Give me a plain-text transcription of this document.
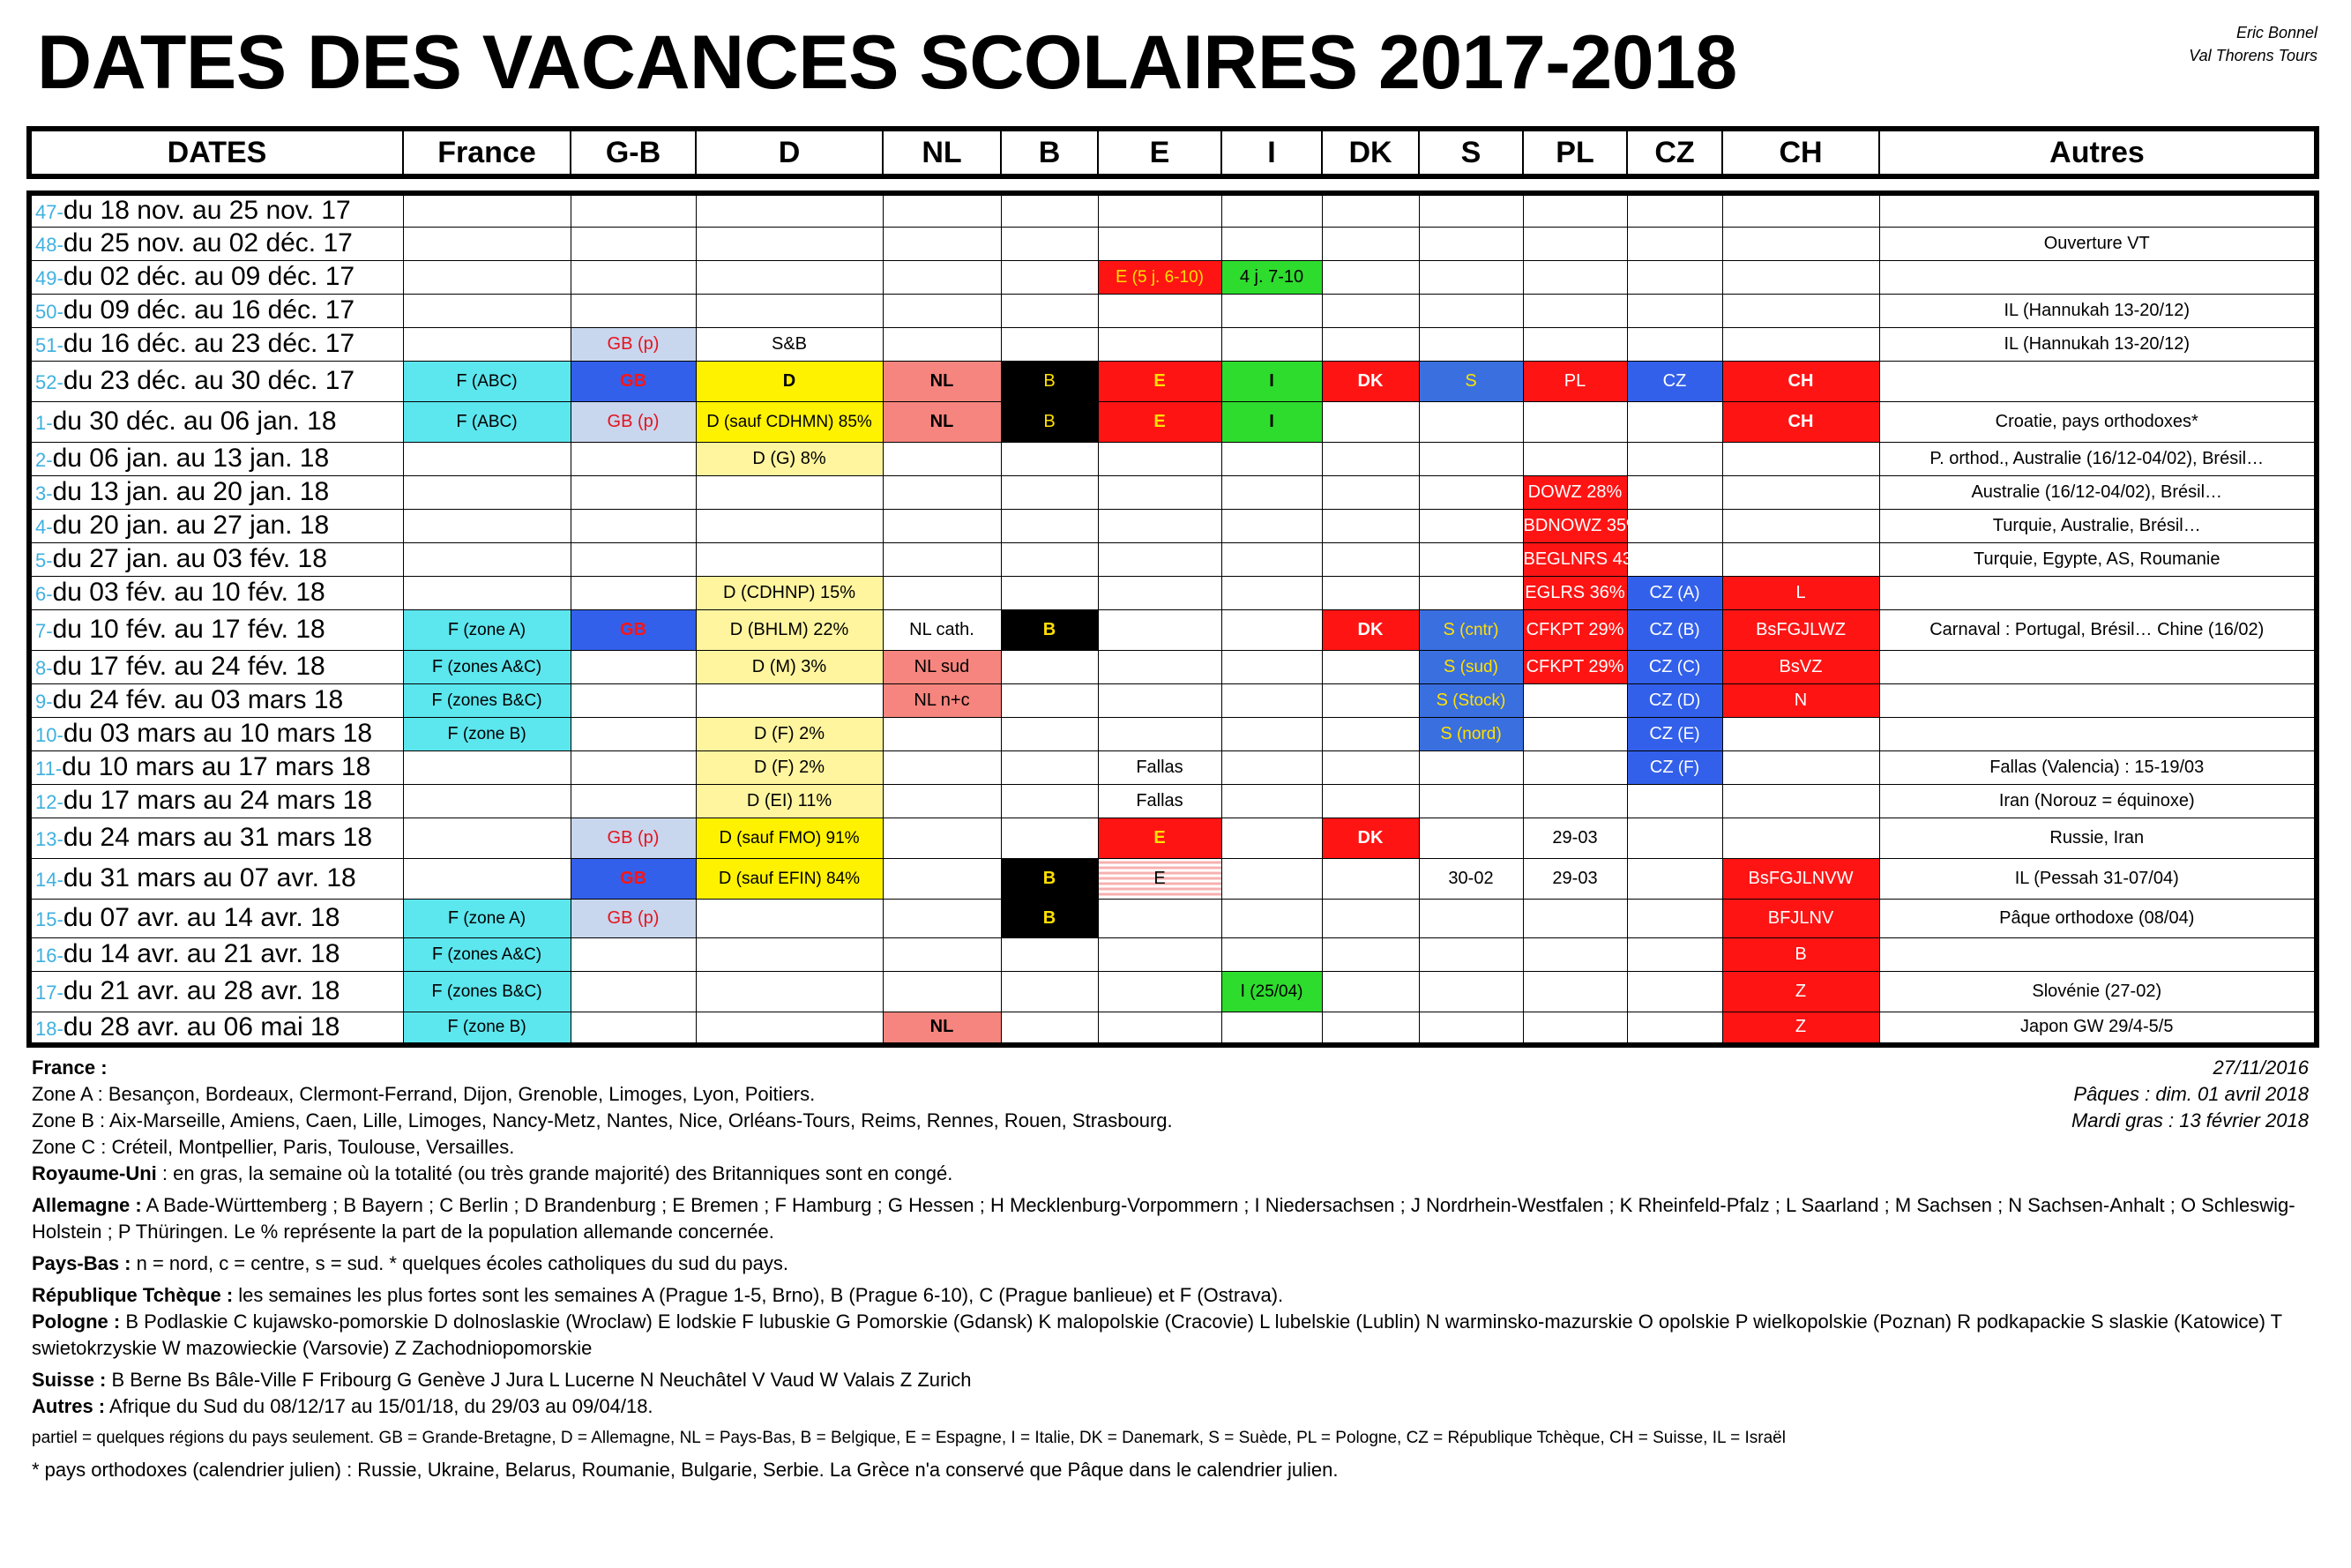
DATES DES VACANCES SCOLAIRES 2017-2018	Eric Bonnel
Val Thorens Tours
DATES	France	G-B	D	NL	B	E	I	DK	S	PL	CZ	CH	Autres
47-du 18 nov. au 25 nov. 17													
48-du 25 nov. au 02 déc. 17													Ouverture VT
49-du 02 déc. au 09 déc. 17						E (5 j. 6-10)	4 j. 7-10						
50-du 09 déc. au 16 déc. 17													IL (Hannukah 13-20/12)
51-du 16 déc. au 23 déc. 17		GB (p)	S&B										IL (Hannukah 13-20/12)
52-du 23 déc. au 30 déc. 17	F (ABC)	GB	D	NL	B	E	I	DK	S	PL	CZ	CH	
1-du 30 déc. au 06 jan. 18	F (ABC)	GB (p)	D (sauf CDHMN) 85%	NL	B	E	I					CH	Croatie, pays orthodoxes*
2-du 06 jan. au 13 jan. 18			D (G) 8%										P. orthod., Australie (16/12-04/02), Brésil…
3-du 13 jan. au 20 jan. 18										DOWZ 28%			Australie (16/12-04/02), Brésil…
4-du 20 jan. au 27 jan. 18										BDNOWZ 35%			Turquie, Australie, Brésil…
5-du 27 jan. au 03 fév. 18										BEGLNRS 43%			Turquie, Egypte, AS, Roumanie
6-du 03 fév. au 10 fév. 18			D (CDHNP) 15%							EGLRS 36%	CZ (A)	L	
7-du 10 fév. au 17 fév. 18	F (zone A)	GB	D (BHLM) 22%	NL cath.	B			DK	S (cntr)	CFKPT 29%	CZ (B)	BsFGJLWZ	Carnaval : Portugal, Brésil… Chine (16/02)
8-du 17 fév. au 24 fév. 18	F (zones A&C)		D (M) 3%	NL sud					S (sud)	CFKPT 29%	CZ (C)	BsVZ	
9-du 24 fév. au 03 mars 18	F (zones B&C)			NL n+c					S (Stock)		CZ (D)	N	
10-du 03 mars au 10 mars 18	F (zone B)		D (F) 2%						S (nord)		CZ (E)		
11-du 10 mars au 17 mars 18			D (F) 2%			Fallas					CZ (F)		Fallas (Valencia) : 15-19/03
12-du 17 mars au 24 mars 18			D (EI) 11%			Fallas							Iran (Norouz = équinoxe)
13-du 24 mars au 31 mars 18		GB (p)	D (sauf FMO) 91%			E		DK		29-03			Russie, Iran
14-du 31 mars au 07 avr. 18		GB	D (sauf EFIN) 84%		B	E			30-02	29-03		BsFGJLNVW	IL (Pessah 31-07/04)
15-du 07 avr. au 14 avr. 18	F (zone A)	GB (p)			B							BFJLNV	Pâque orthodoxe (08/04)
16-du 14 avr. au 21 avr. 18	F (zones A&C)											B	
17-du 21 avr. au 28 avr. 18	F (zones B&C)						I (25/04)					Z	Slovénie (27-02)
18-du 28 avr. au 06 mai 18	F (zone B)			NL								Z	Japon GW 29/4-5/5

France :

Zone A : Besançon, Bordeaux, Clermont-Ferrand, Dijon, Grenoble, Limoges, Lyon, Poitiers.

Zone B : Aix-Marseille, Amiens, Caen, Lille, Limoges, Nancy-Metz, Nantes, Nice, Orléans-Tours, Reims, Rennes, Rouen, Strasbourg.

Zone C : Créteil, Montpellier, Paris, Toulouse, Versailles.

Royaume-Uni : en gras, la semaine où la totalité (ou très grande majorité) des Britanniques sont en congé.

Allemagne : A Bade-Württemberg ; B Bayern ; C Berlin ; D Brandenburg ; E Bremen ; F Hamburg ; G Hessen ; H Mecklenburg-Vorpommern ; I Niedersachsen ; J Nordrhein-Westfalen ; K Rheinfeld-Pfalz ; L Saarland ; M Sachsen ; N Sachsen-Anhalt ; O Schleswig-Holstein ; P Thüringen. Le % représente la part de la population allemande concernée.

Pays-Bas : n = nord, c = centre, s = sud. * quelques écoles catholiques du sud du pays.

République Tchèque : les semaines les plus fortes sont les semaines A (Prague 1-5, Brno), B (Prague 6-10), C (Prague banlieue) et F (Ostrava).

Pologne : B Podlaskie C kujawsko-pomorskie D dolnoslaskie (Wroclaw) E lodskie F lubuskie G Pomorskie (Gdansk) K malopolskie (Cracovie) L lubelskie (Lublin) N warminsko-mazurskie O opolskie P wielkopolskie (Poznan) R podkapackie S slaskie (Katowice) T swietokrzyskie W mazowieckie (Varsovie) Z Zachodniopomorskie

Suisse : B Berne Bs Bâle-Ville F Fribourg G Genève J Jura L Lucerne N Neuchâtel V Vaud W Valais Z Zurich

Autres : Afrique du Sud du 08/12/17 au 15/01/18, du 29/03 au 09/04/18.

partiel = quelques régions du pays seulement. GB = Grande-Bretagne, D = Allemagne, NL = Pays-Bas, B = Belgique, E = Espagne, I = Italie, DK = Danemark, S = Suède, PL = Pologne, CZ = République Tchèque, CH = Suisse, IL = Israël

* pays orthodoxes (calendrier julien) : Russie, Ukraine, Belarus, Roumanie, Bulgarie, Serbie. La Grèce n'a conservé que Pâque dans le calendrier julien.

27/11/2016
Pâques : dim. 01 avril 2018
Mardi gras : 13 février 2018
